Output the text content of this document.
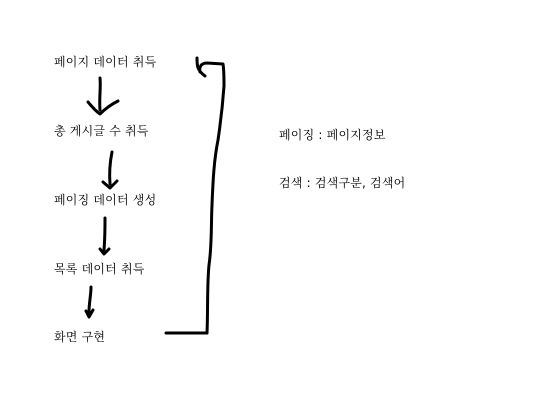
페이지 데이터 취득
총 게시글 수 취득
페이징 데이터 생성
목록 데이터 취득
화면 구현
페이징 : 페이지정보
검색 : 검색구분, 검색어
